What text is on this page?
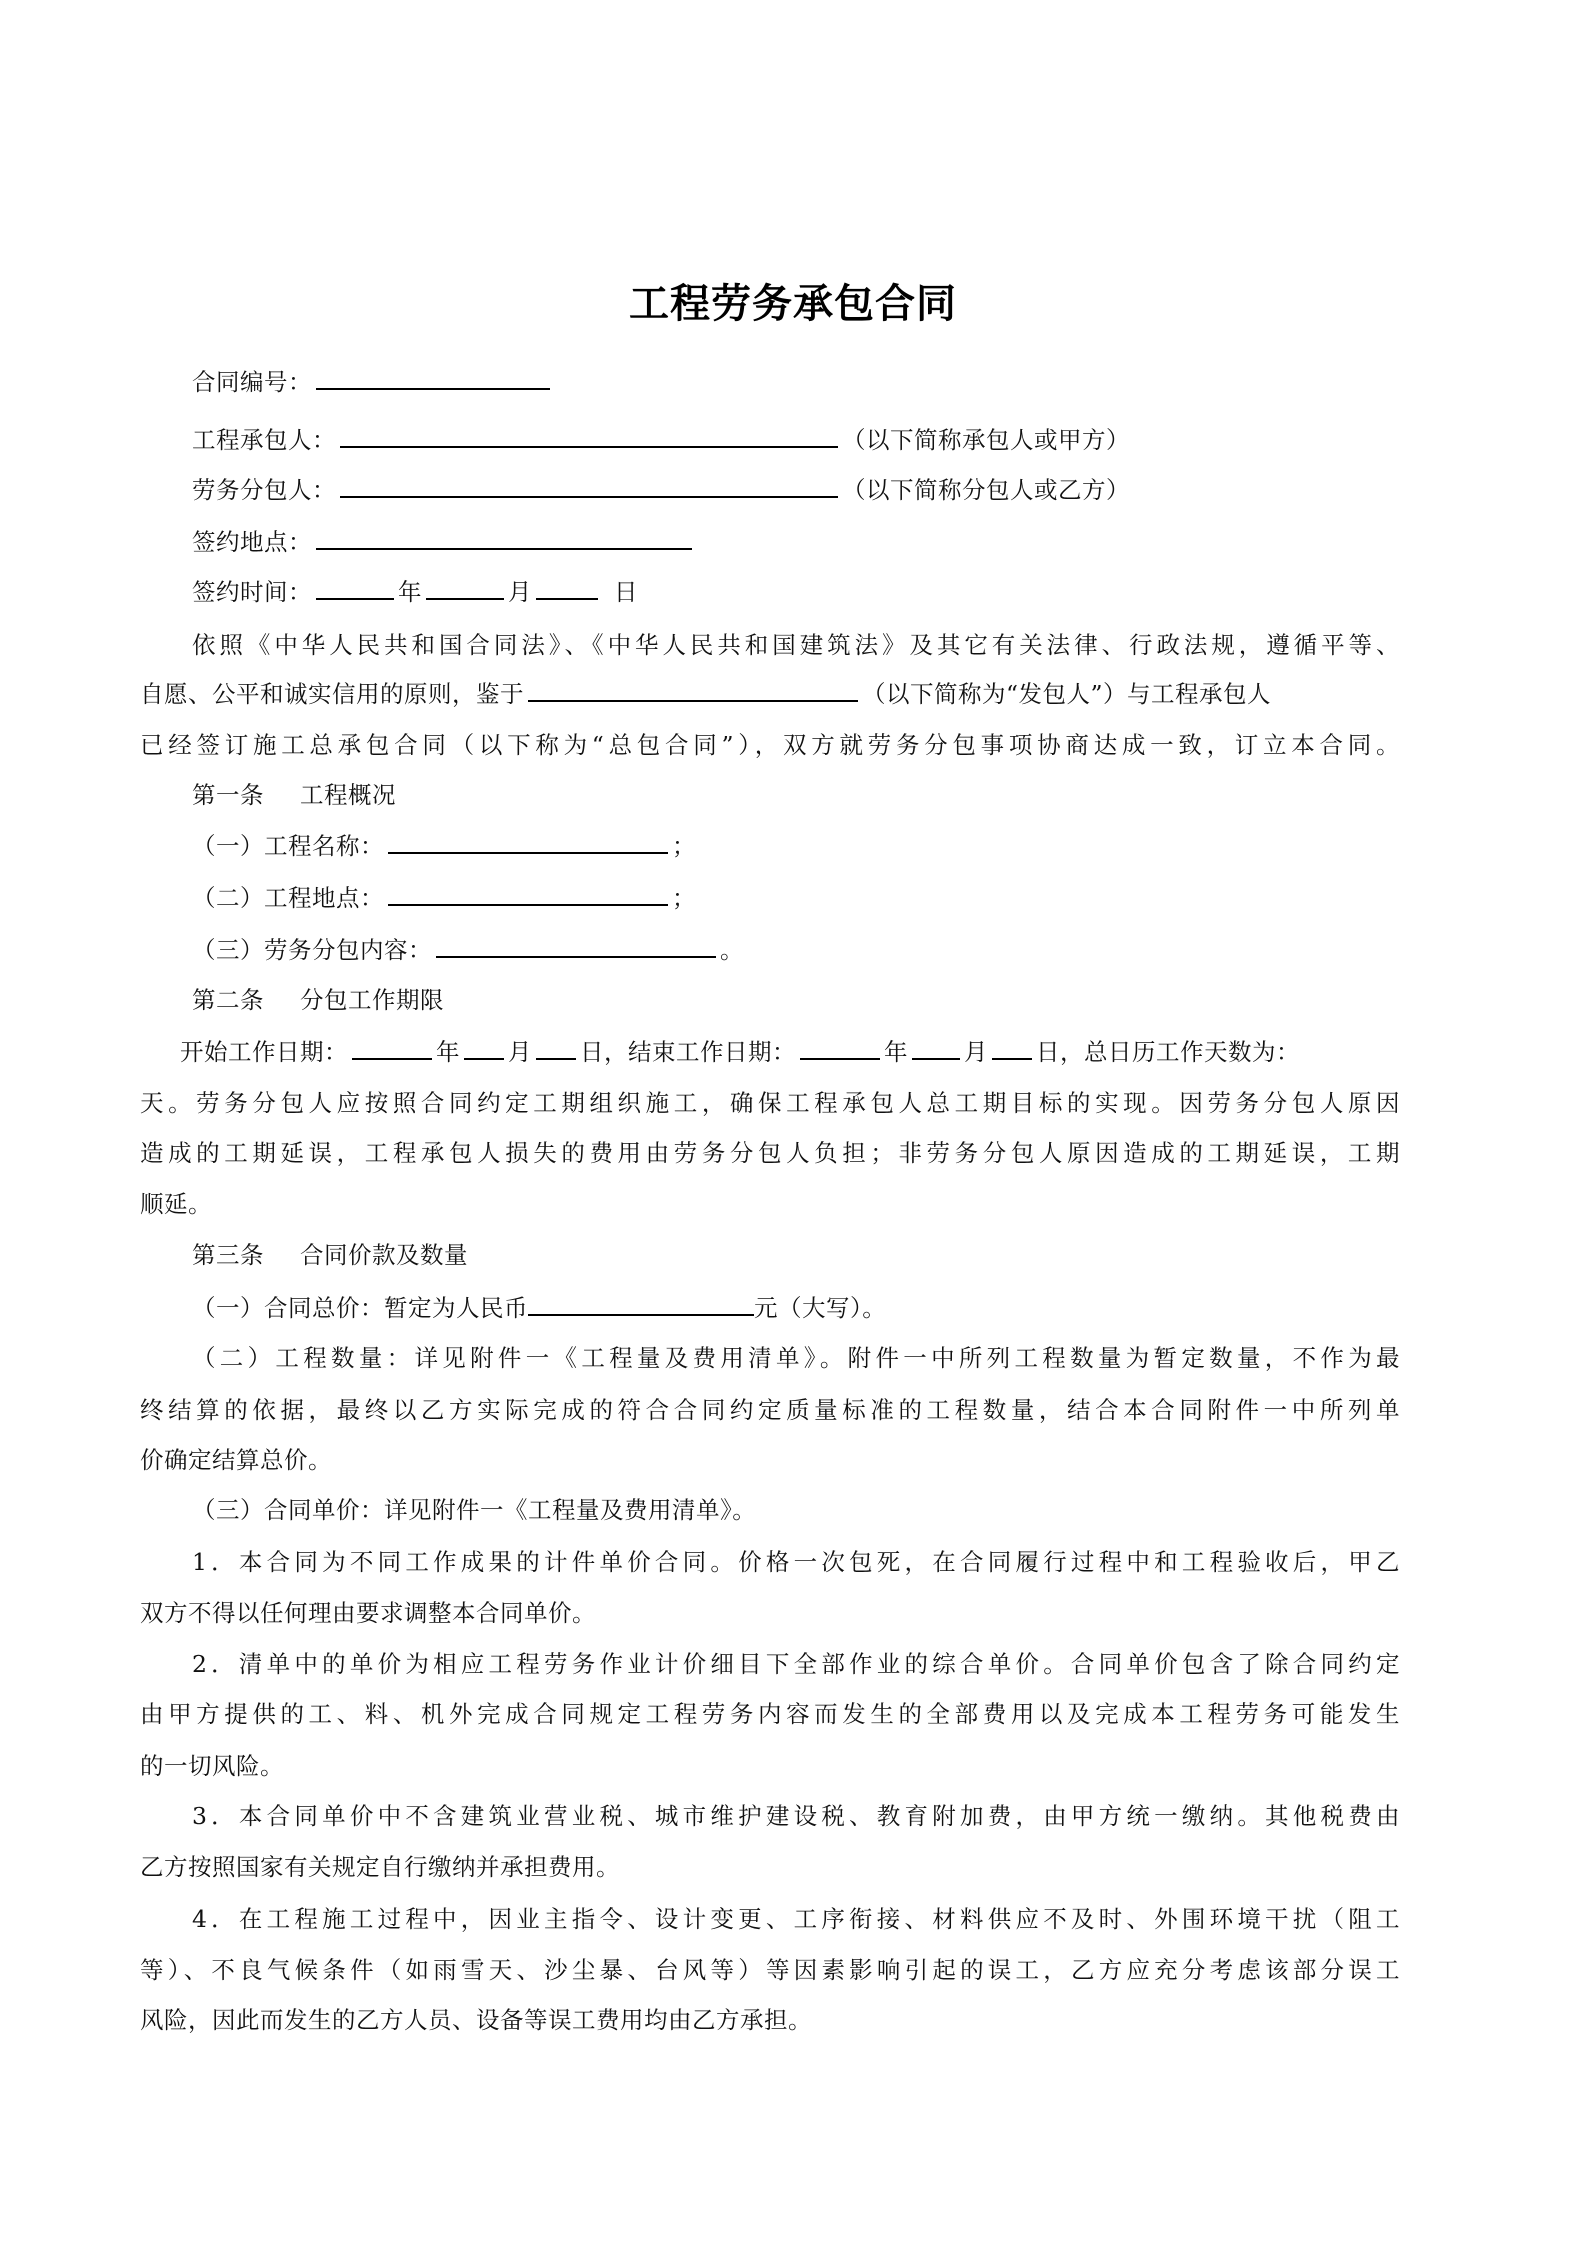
工程劳务承包合同
合同编号：
工程承包人：	（以下简称承包人或甲方）
劳务分包人：	（以下简称分包人或乙方）
签约地点：
签约时间：	年	月	日
依照《中华人民共和国合同法》、《中华人民共和国建筑法》及其它有关法律、行政法规，遵循平等、
自愿、公平和诚实信用的原则，鉴于	（以下简称为“发包人”）与工程承包人
已经签订施工总承包合同（以下称为“总包合同”），双方就劳务分包事项协商达成一致，订立本合同。
第一条 工程概况
（一）工程名称：	；
（二）工程地点：	；
（三）劳务分包内容：	。
第二条 分包工作期限
开始工作日期：	年 月 日，结束工作日期：	年 月 日，总日历工作天数为：
天。劳务分包人应按照合同约定工期组织施工，确保工程承包人总工期目标的实现。因劳务分包人原因
造成的工期延误，工程承包人损失的费用由劳务分包人负担；非劳务分包人原因造成的工期延误，工期
顺延。
第三条 合同价款及数量
（一）合同总价：暂定为人民币	元（大写）。
（二）工程数量：详见附件一《工程量及费用清单》。附件一中所列工程数量为暂定数量，不作为最
终结算的依据，最终以乙方实际完成的符合合同约定质量标准的工程数量，结合本合同附件一中所列单
价确定结算总价。
（三）合同单价：详见附件一《工程量及费用清单》。
1．本合同为不同工作成果的计件单价合同。价格一次包死，在合同履行过程中和工程验收后，甲乙
双方不得以任何理由要求调整本合同单价。
2．清单中的单价为相应工程劳务作业计价细目下全部作业的综合单价。合同单价包含了除合同约定
由甲方提供的工、料、机外完成合同规定工程劳务内容而发生的全部费用以及完成本工程劳务可能发生
的一切风险。
3．本合同单价中不含建筑业营业税、城市维护建设税、教育附加费，由甲方统一缴纳。其他税费由
乙方按照国家有关规定自行缴纳并承担费用。
4．在工程施工过程中，因业主指令、设计变更、工序衔接、材料供应不及时、外围环境干扰（阻工
等）、不良气候条件（如雨雪天、沙尘暴、台风等）等因素影响引起的误工，乙方应充分考虑该部分误工
风险，因此而发生的乙方人员、设备等误工费用均由乙方承担。
